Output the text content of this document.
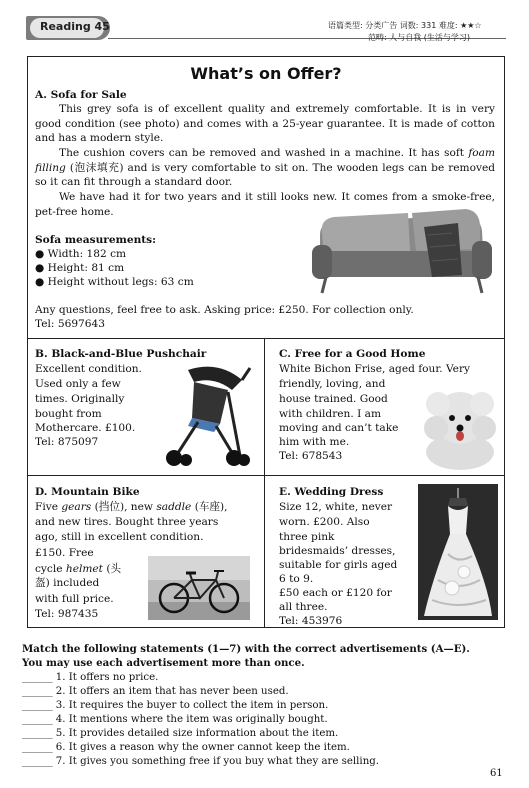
Reading 45	语篇类型: 分类广告 词数: 331 难度: ★★☆
范畴: 人与自我 (生活与学习)
What’s on Offer?
A. Sofa for Sale
This grey sofa is of excellent quality and extremely comfortable. It is in very good condition (see photo) and comes with a 25-year guarantee. It is made of cotton and has a modern style.
The cushion covers can be removed and washed in a machine. It has soft foam filling (泡沫填充) and is very comfortable to sit on. The wooden legs can be removed so it can fit through a standard door.
We have had it for two years and it still looks new. It comes from a smoke-free, pet-free home.
Sofa measurements:
● Width: 182 cm
● Height: 81 cm
● Height without legs: 63 cm
Any questions, feel free to ask. Asking price: £250. For collection only.
Tel: 5697643
B. Black-and-Blue Pushchair
Excellent condition.
Used only a few
times. Originally
bought from
Mothercare. £100.
Tel: 875097
C. Free for a Good Home
White Bichon Frise, aged four. Very
friendly, loving, and
house trained. Good
with children. I am
moving and can’t take
him with me.
Tel: 678543
D. Mountain Bike
Five gears (挡位), new saddle (车座),
and new tires. Bought three years
ago, still in excellent condition.
£150. Free
cycle helmet (头
盔) included
with full price.
Tel: 987435
E. Wedding Dress
Size 12, white, never
worn. £200. Also
three pink
bridesmaids’ dresses,
suitable for girls aged
6 to 9.
£50 each or £120 for
all three.
Tel: 453976
Match the following statements (1—7) with the correct advertisements (A—E).
You may use each advertisement more than once.
______ 1. It offers no price.
______ 2. It offers an item that has never been used.
______ 3. It requires the buyer to collect the item in person.
______ 4. It mentions where the item was originally bought.
______ 5. It provides detailed size information about the item.
______ 6. It gives a reason why the owner cannot keep the item.
______ 7. It gives you something free if you buy what they are selling.
61
